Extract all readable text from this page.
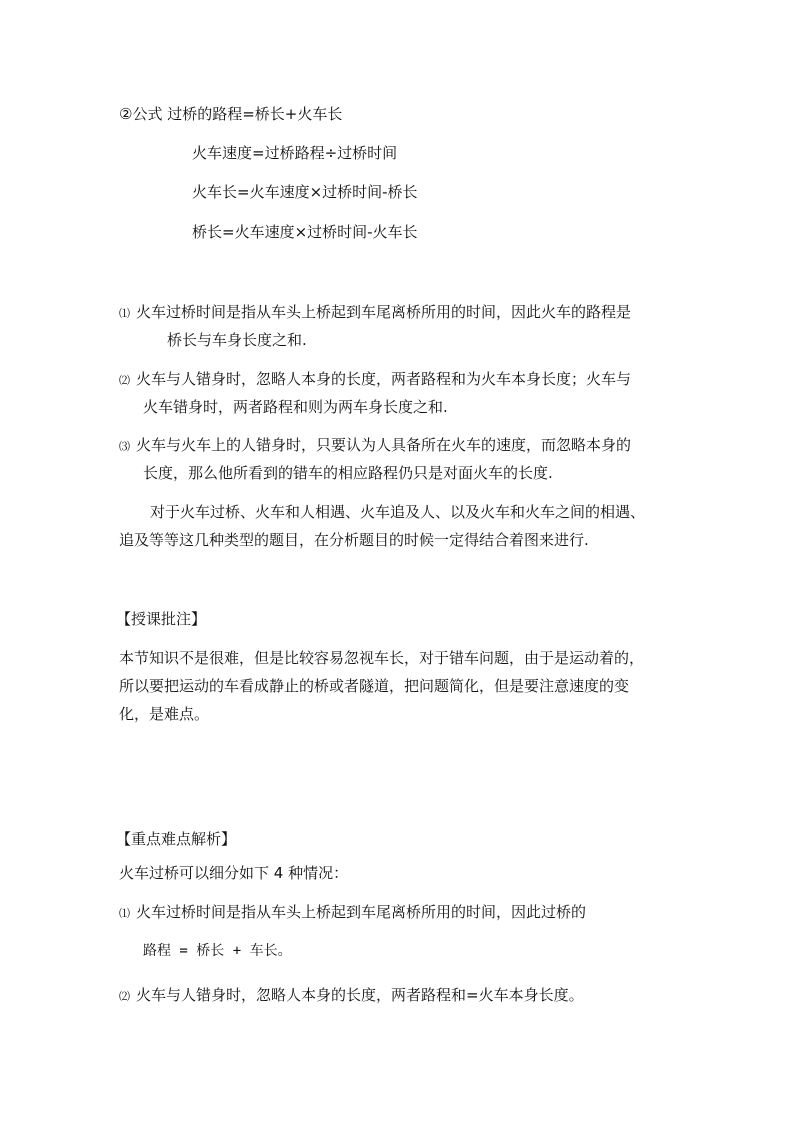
②公式 过桥的路程=桥长+火车长

火车速度=过桥路程÷过桥时间

火车长=火车速度×过桥时间-桥长

桥长=火车速度×过桥时间-火车长

⑴ 火车过桥时间是指从车头上桥起到车尾离桥所用的时间，因此火车的路程是

桥长与车身长度之和.

⑵ 火车与人错身时，忽略人本身的长度，两者路程和为火车本身长度；火车与

火车错身时，两者路程和则为两车身长度之和.

⑶ 火车与火车上的人错身时，只要认为人具备所在火车的速度，而忽略本身的

长度，那么他所看到的错车的相应路程仍只是对面火车的长度.

对于火车过桥、火车和人相遇、火车追及人、以及火车和火车之间的相遇、

追及等等这几种类型的题目，在分析题目的时候一定得结合着图来进行.

【授课批注】

本节知识不是很难，但是比较容易忽视车长，对于错车问题，由于是运动着的，

所以要把运动的车看成静止的桥或者隧道，把问题简化，但是要注意速度的变

化，是难点。

【重点难点解析】

火车过桥可以细分如下 4 种情况：

⑴ 火车过桥时间是指从车头上桥起到车尾离桥所用的时间，因此过桥的

路程 = 桥长 + 车长。

⑵ 火车与人错身时，忽略人本身的长度，两者路程和=火车本身长度。
